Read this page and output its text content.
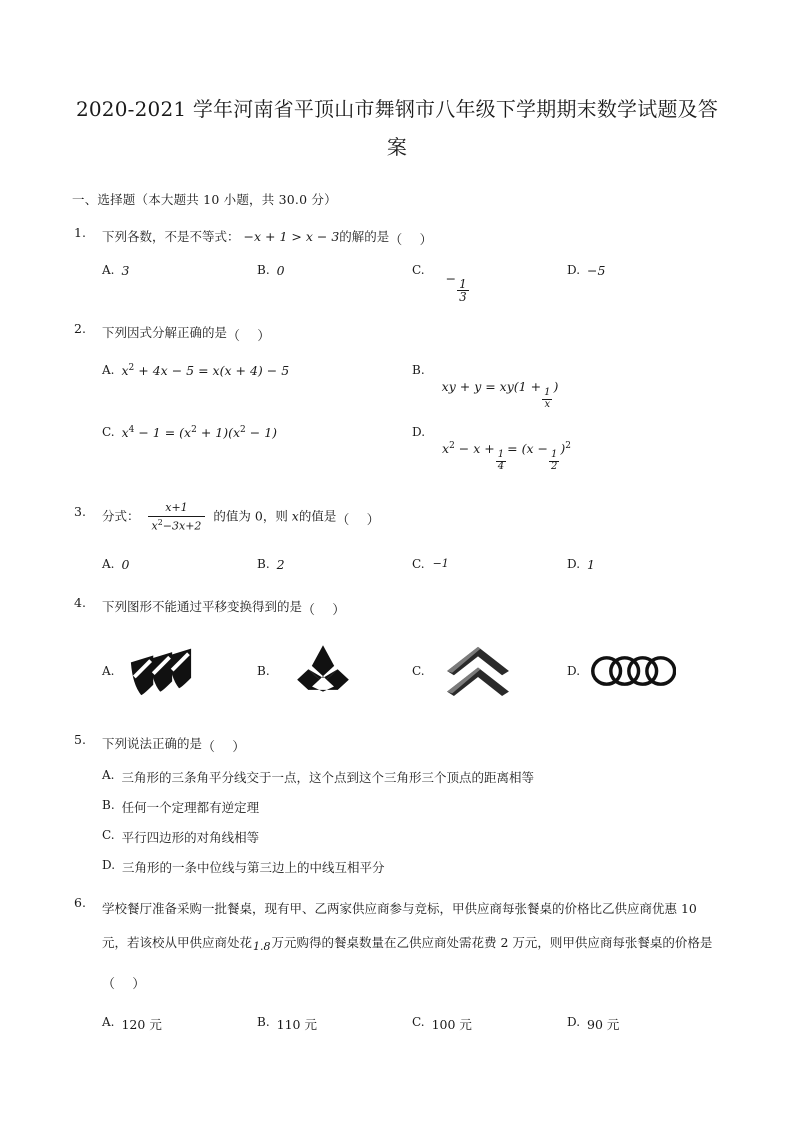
2020-2021 学年河南省平顶山市舞钢市八年级下学期期末数学试题及答案
一、选择题（本大题共 10 小题，共 30.0 分）
1.	下列各数，不是不等式： −x + 1 > x − 3的解的是（  ）
A. 3	B. 0	C.
− $\frac{1}{3}$
D. −5
2.	下列因式分解正确的是（  ）
A. $x^2 + 4x - 5 = x(x + 4) - 5$	B.
xy + y = xy(1 +
$\frac{1}{x}$
)
C. $x^4 - 1 = (x^2 + 1)(x^2 - 1)$	D.
$x^2 - x$ +
$\frac{1}{4}$
= (x −
$\frac{1}{2}$
)$^2$
3.	分式： $\frac{x+1}{x^2-3x+2}$ 的值为 0，则 x的值是（  ）
A. 0	B. 2	C. −1	D. 1
4.	下列图形不能通过平移变换得到的是（  ）
A.	B.	C.	D.
5.	下列说法正确的是（  ）
A. 三角形的三条角平分线交于一点，这个点到这个三角形三个顶点的距离相等
B. 任何一个定理都有逆定理
C. 平行四边形的对角线相等
D. 三角形的一条中位线与第三边上的中线互相平分
6.	学校餐厅准备采购一批餐桌，现有甲、乙两家供应商参与竞标，甲供应商每张餐桌的价格比乙供应商优惠 10 元，若该校从甲供应商处花1.8万元购得的餐桌数量在乙供应商处需花费 2 万元，则甲供应商每张餐桌的价格是（  ）
A. 120 元	B. 110 元	C. 100 元	D. 90 元
